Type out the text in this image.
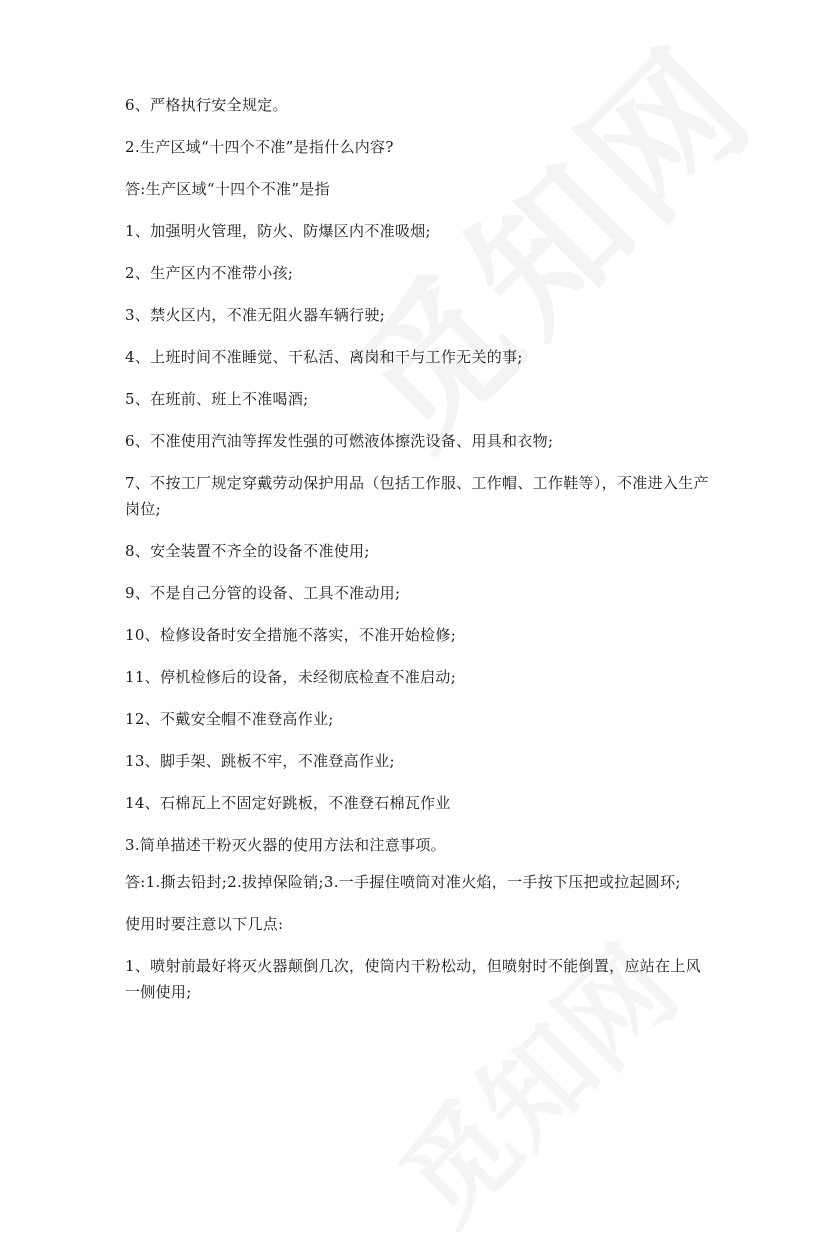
6、严格执行安全规定。

2.生产区域“十四个不准”是指什么内容?

答:生产区域“十四个不准”是指

1、加强明火管理，防火、防爆区内不准吸烟;

2、生产区内不准带小孩;

3、禁火区内，不准无阻火器车辆行驶;

4、上班时间不准睡觉、干私活、离岗和干与工作无关的事;

5、在班前、班上不准喝酒;

6、不准使用汽油等挥发性强的可燃液体擦洗设备、用具和衣物;

7、不按工厂规定穿戴劳动保护用品（包括工作服、工作帽、工作鞋等），不准进入生产岗位;

8、安全装置不齐全的设备不准使用;

9、不是自己分管的设备、工具不准动用;

10、检修设备时安全措施不落实，不准开始检修;

11、停机检修后的设备，未经彻底检查不准启动;

12、不戴安全帽不准登高作业;

13、脚手架、跳板不牢，不准登高作业;

14、石棉瓦上不固定好跳板，不准登石棉瓦作业

3.简单描述干粉灭火器的使用方法和注意事项。

答:1.撕去铅封;2.拔掉保险销;3.一手握住喷筒对准火焰，一手按下压把或拉起圆环;

使用时要注意以下几点:

1、喷射前最好将灭火器颠倒几次，使筒内干粉松动，但喷射时不能倒置，应站在上风一侧使用;
